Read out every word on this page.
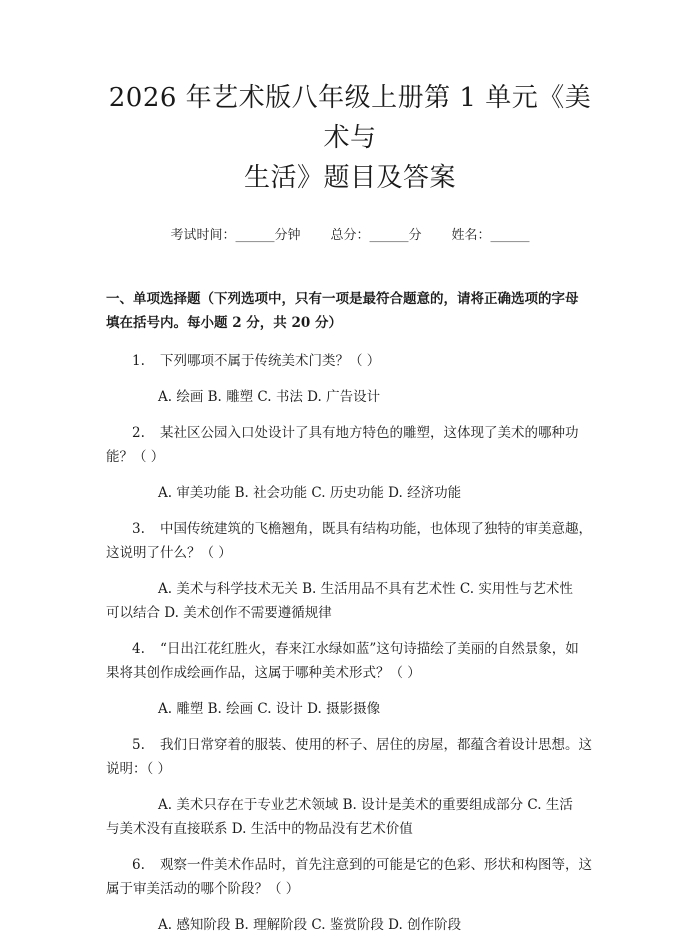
2026 年艺术版八年级上册第 1 单元《美术与
生活》题目及答案
考试时间：______分钟 总分：______分 姓名：______
一、单项选择题（下列选项中，只有一项是最符合题意的，请将正确选项的字母
填在括号内。每小题 2 分，共 20 分）
1. 下列哪项不属于传统美术门类？（ ）
A. 绘画 B. 雕塑 C. 书法 D. 广告设计
2. 某社区公园入口处设计了具有地方特色的雕塑，这体现了美术的哪种功
能？（ ）
A. 审美功能 B. 社会功能 C. 历史功能 D. 经济功能
3. 中国传统建筑的飞檐翘角，既具有结构功能，也体现了独特的审美意趣，
这说明了什么？（ ）
A. 美术与科学技术无关 B. 生活用品不具有艺术性 C. 实用性与艺术性
可以结合 D. 美术创作不需要遵循规律
4. “日出江花红胜火，春来江水绿如蓝”这句诗描绘了美丽的自然景象，如
果将其创作成绘画作品，这属于哪种美术形式？（ ）
A. 雕塑 B. 绘画 C. 设计 D. 摄影摄像
5. 我们日常穿着的服装、使用的杯子、居住的房屋，都蕴含着设计思想。这
说明：（ ）
A. 美术只存在于专业艺术领域 B. 设计是美术的重要组成部分 C. 生活
与美术没有直接联系 D. 生活中的物品没有艺术价值
6. 观察一件美术作品时，首先注意到的可能是它的色彩、形状和构图等，这
属于审美活动的哪个阶段？（ ）
A. 感知阶段 B. 理解阶段 C. 鉴赏阶段 D. 创作阶段
